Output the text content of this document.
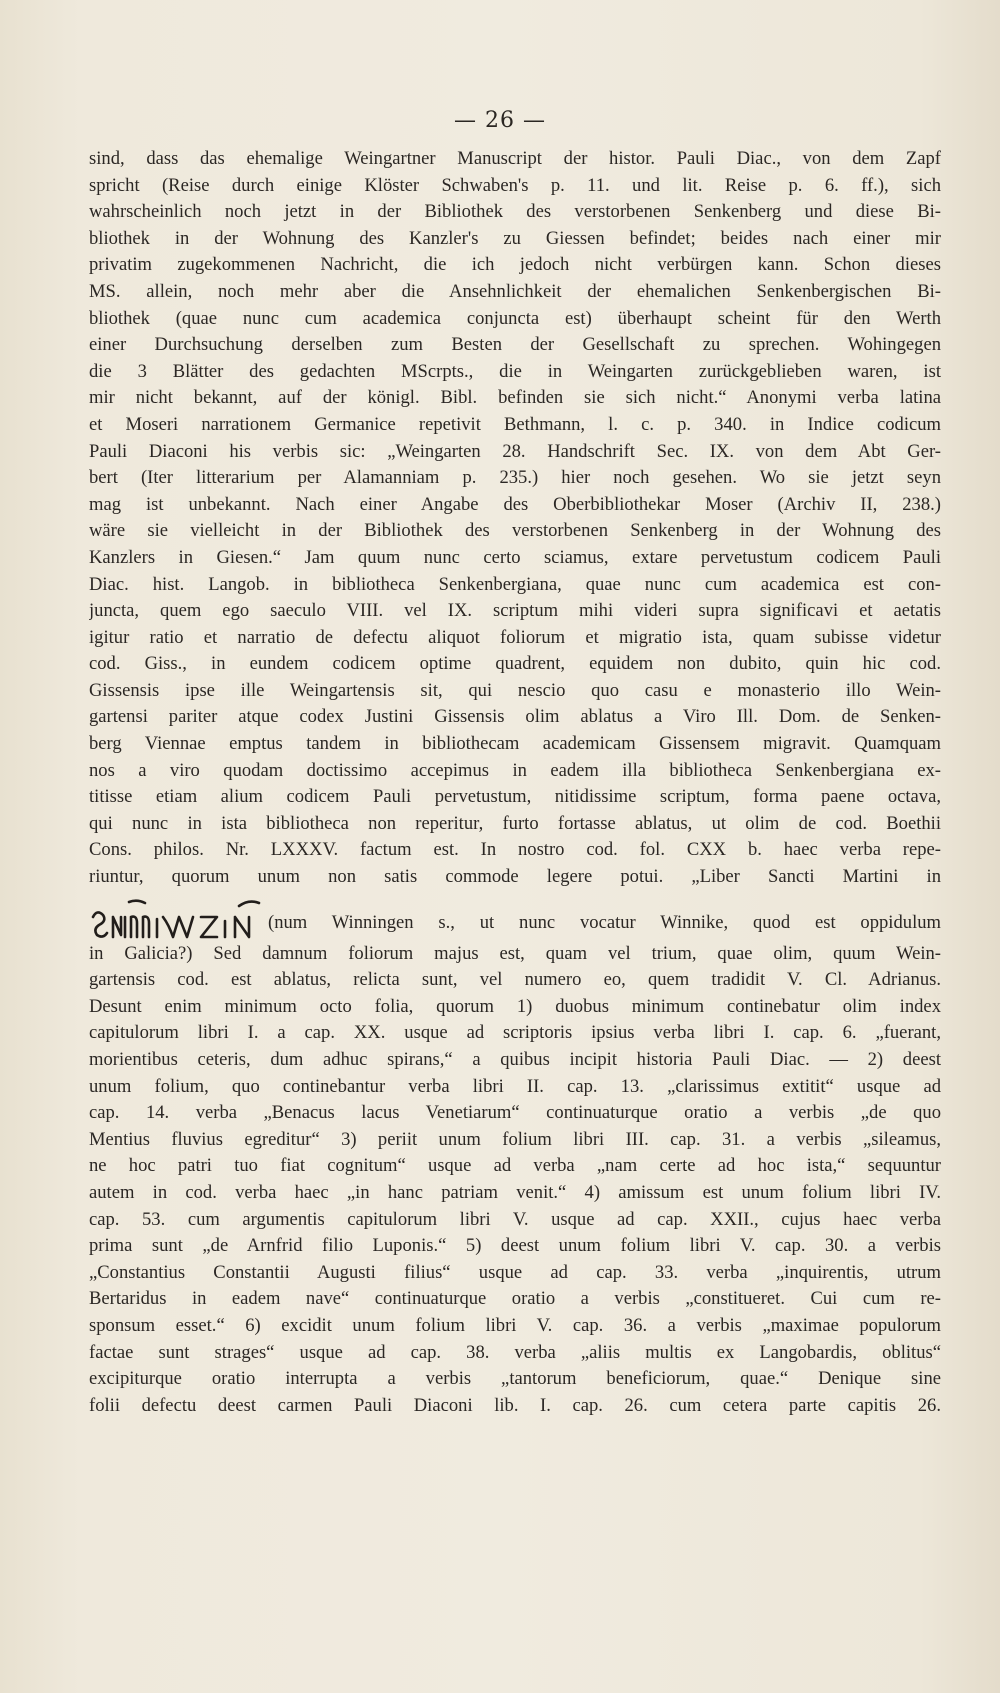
— 26 —
sind, dass das ehemalige Weingartner Manuscript der histor. Pauli Diac., von dem Zapf
spricht (Reise durch einige Klöster Schwaben's p. 11. und lit. Reise p. 6. ff.), sich
wahrscheinlich noch jetzt in der Bibliothek des verstorbenen Senkenberg und diese Bi-
bliothek in der Wohnung des Kanzler's zu Giessen befindet; beides nach einer mir
privatim zugekommenen Nachricht, die ich jedoch nicht verbürgen kann. Schon dieses
MS. allein, noch mehr aber die Ansehnlichkeit der ehemalichen Senkenbergischen Bi-
bliothek (quae nunc cum academica conjuncta est) überhaupt scheint für den Werth
einer Durchsuchung derselben zum Besten der Gesellschaft zu sprechen. Wohingegen
die 3 Blätter des gedachten MScrpts., die in Weingarten zurückgeblieben waren, ist
mir nicht bekannt, auf der königl. Bibl. befinden sie sich nicht.“ Anonymi verba latina
et Moseri narrationem Germanice repetivit Bethmann, l. c. p. 340. in Indice codicum
Pauli Diaconi his verbis sic: „Weingarten 28. Handschrift Sec. IX. von dem Abt Ger-
bert (Iter litterarium per Alamanniam p. 235.) hier noch gesehen. Wo sie jetzt seyn
mag ist unbekannt. Nach einer Angabe des Oberbibliothekar Moser (Archiv II, 238.)
wäre sie vielleicht in der Bibliothek des verstorbenen Senkenberg in der Wohnung des
Kanzlers in Giesen.“ Jam quum nunc certo sciamus, extare pervetustum codicem Pauli
Diac. hist. Langob. in bibliotheca Senkenbergiana, quae nunc cum academica est con-
juncta, quem ego saeculo VIII. vel IX. scriptum mihi videri supra significavi et aetatis
igitur ratio et narratio de defectu aliquot foliorum et migratio ista, quam subisse videtur
cod. Giss., in eundem codicem optime quadrent, equidem non dubito, quin hic cod.
Gissensis ipse ille Weingartensis sit, qui nescio quo casu e monasterio illo Wein-
gartensi pariter atque codex Justini Gissensis olim ablatus a Viro Ill. Dom. de Senken-
berg Viennae emptus tandem in bibliothecam academicam Gissensem migravit. Quamquam
nos a viro quodam doctissimo accepimus in eadem illa bibliotheca Senkenbergiana ex-
titisse etiam alium codicem Pauli pervetustum, nitidissime scriptum, forma paene octava,
qui nunc in ista bibliotheca non reperitur, furto fortasse ablatus, ut olim de cod. Boethii
Cons. philos. Nr. LXXXV. factum est. In nostro cod. fol. CXX b. haec verba repe-
riuntur, quorum unum non satis commode legere potui. „Liber Sancti Martini in
(num Winningen s., ut nunc vocatur Winnike, quod est oppidulum
in Galicia?) Sed damnum foliorum majus est, quam vel trium, quae olim, quum Wein-
gartensis cod. est ablatus, relicta sunt, vel numero eo, quem tradidit V. Cl. Adrianus.
Desunt enim minimum octo folia, quorum 1) duobus minimum continebatur olim index
capitulorum libri I. a cap. XX. usque ad scriptoris ipsius verba libri I. cap. 6. „fuerant,
morientibus ceteris, dum adhuc spirans,“ a quibus incipit historia Pauli Diac. — 2) deest
unum folium, quo continebantur verba libri II. cap. 13. „clarissimus extitit“ usque ad
cap. 14. verba „Benacus lacus Venetiarum“ continuaturque oratio a verbis „de quo
Mentius fluvius egreditur“ 3) periit unum folium libri III. cap. 31. a verbis „sileamus,
ne hoc patri tuo fiat cognitum“ usque ad verba „nam certe ad hoc ista,“ sequuntur
autem in cod. verba haec „in hanc patriam venit.“ 4) amissum est unum folium libri IV.
cap. 53. cum argumentis capitulorum libri V. usque ad cap. XXII., cujus haec verba
prima sunt „de Arnfrid filio Luponis.“ 5) deest unum folium libri V. cap. 30. a verbis
„Constantius Constantii Augusti filius“ usque ad cap. 33. verba „inquirentis, utrum
Bertaridus in eadem nave“ continuaturque oratio a verbis „constitueret. Cui cum re-
sponsum esset.“ 6) excidit unum folium libri V. cap. 36. a verbis „maximae populorum
factae sunt strages“ usque ad cap. 38. verba „aliis multis ex Langobardis, oblitus“
excipiturque oratio interrupta a verbis „tantorum beneficiorum, quae.“ Denique sine
folii defectu deest carmen Pauli Diaconi lib. I. cap. 26. cum cetera parte capitis 26.
